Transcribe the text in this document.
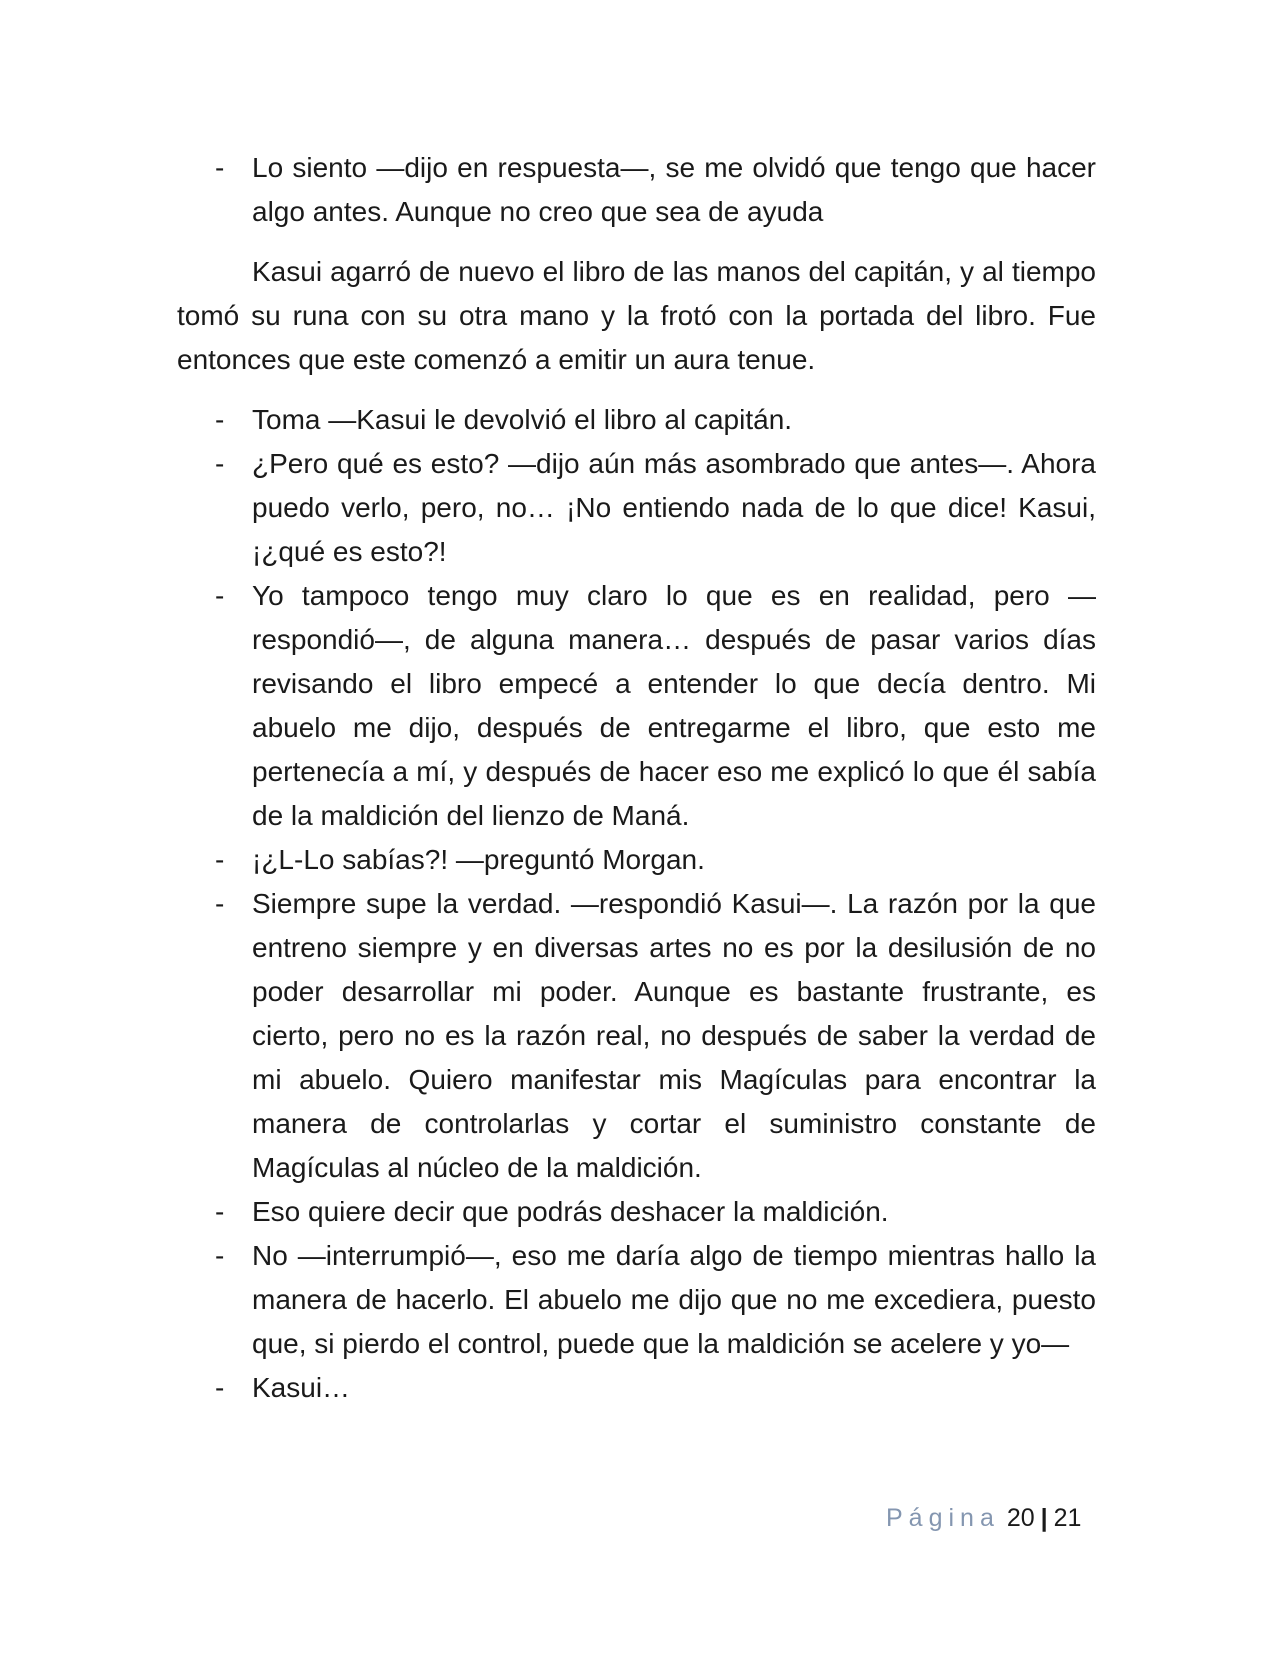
- Lo siento —dijo en respuesta—, se me olvidó que tengo que hacer algo antes. Aunque no creo que sea de ayuda

Kasui agarró de nuevo el libro de las manos del capitán, y al tiempo tomó su runa con su otra mano y la frotó con la portada del libro. Fue entonces que este comenzó a emitir un aura tenue.

- Toma —Kasui le devolvió el libro al capitán.

- ¿Pero qué es esto? —dijo aún más asombrado que antes—. Ahora puedo verlo, pero, no… ¡No entiendo nada de lo que dice! Kasui, ¡¿qué es esto?!

- Yo tampoco tengo muy claro lo que es en realidad, pero —respondió—, de alguna manera… después de pasar varios días revisando el libro empecé a entender lo que decía dentro. Mi abuelo me dijo, después de entregarme el libro, que esto me pertenecía a mí, y después de hacer eso me explicó lo que él sabía de la maldición del lienzo de Maná.

- ¡¿L-Lo sabías?! —preguntó Morgan.

- Siempre supe la verdad. —respondió Kasui—. La razón por la que entreno siempre y en diversas artes no es por la desilusión de no poder desarrollar mi poder. Aunque es bastante frustrante, es cierto, pero no es la razón real, no después de saber la verdad de mi abuelo. Quiero manifestar mis Magículas para encontrar la manera de controlarlas y cortar el suministro constante de Magículas al núcleo de la maldición.

- Eso quiere decir que podrás deshacer la maldición.

- No —interrumpió—, eso me daría algo de tiempo mientras hallo la manera de hacerlo. El abuelo me dijo que no me excediera, puesto que, si pierdo el control, puede que la maldición se acelere y yo—

- Kasui…

Página 20 | 21
